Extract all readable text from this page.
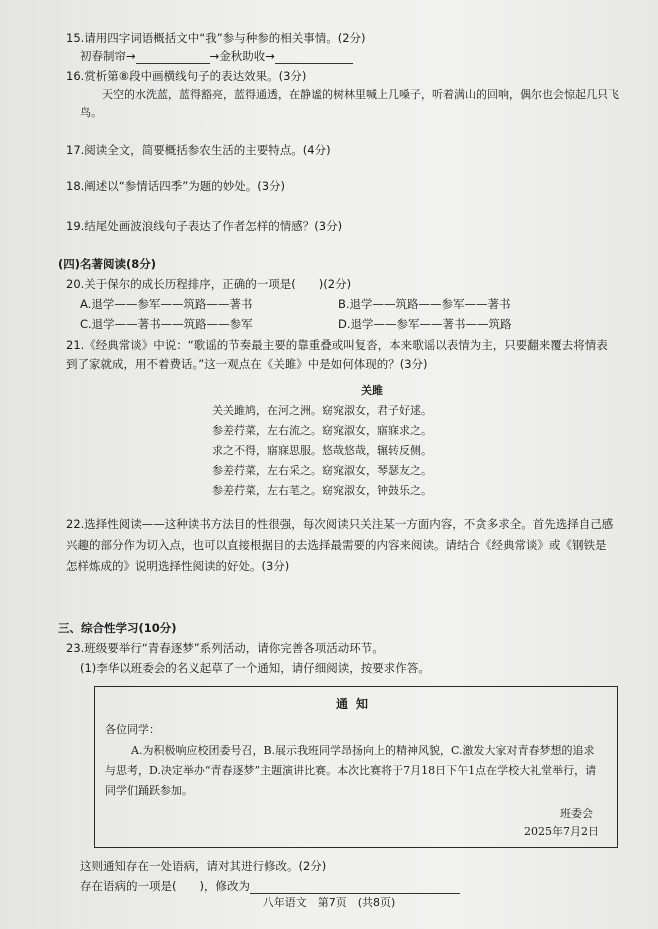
15.请用四字词语概括文中“我”参与种参的相关事情。(2分)
初春制帘→	→金秋助收→
16.赏析第⑧段中画横线句子的表达效果。(3分)
天空的水洗蓝，蓝得豁亮，蓝得通透，在静谧的树林里喊上几嗓子，听着满山的回响，偶尔也会惊起几只飞鸟。
17.阅读全文，简要概括参农生活的主要特点。(4分)
18.阐述以“参情话四季”为题的妙处。(3分)
19.结尾处画波浪线句子表达了作者怎样的情感？(3分)
(四)名著阅读(8分)
20.关于保尔的成长历程排序，正确的一项是(　　)(2分)
A.退学——参军——筑路——著书	B.退学——筑路——参军——著书
C.退学——著书——筑路——参军	D.退学——参军——著书——筑路
21.《经典常谈》中说：“歌谣的节奏最主要的靠重叠或叫复沓，本来歌谣以表情为主，只要翻来覆去将情表到了家就成，用不着费话。”这一观点在《关雎》中是如何体现的？(3分)
关雎
关关雎鸠，在河之洲。窈窕淑女，君子好逑。
参差荇菜，左右流之。窈窕淑女，寤寐求之。
求之不得，寤寐思服。悠哉悠哉，辗转反侧。
参差荇菜，左右采之。窈窕淑女，琴瑟友之。
参差荇菜，左右芼之。窈窕淑女，钟鼓乐之。
22.选择性阅读——这种读书方法目的性很强，每次阅读只关注某一方面内容，不贪多求全。首先选择自己感兴趣的部分作为切入点，也可以直接根据目的去选择最需要的内容来阅读。请结合《经典常谈》或《钢铁是怎样炼成的》说明选择性阅读的好处。(3分)
三、综合性学习(10分)
23.班级要举行“青春逐梦”系列活动，请你完善各项活动环节。
(1)李华以班委会的名义起草了一个通知，请仔细阅读，按要求作答。
通知
各位同学：
A.为积极响应校团委号召，B.展示我班同学昂扬向上的精神风貌，C.激发大家对青春梦想的追求与思考，D.决定举办“青春逐梦”主题演讲比赛。本次比赛将于7月18日下午1点在学校大礼堂举行，请同学们踊跃参加。
班委会
2025年7月2日
这则通知存在一处语病，请对其进行修改。(2分)
存在语病的一项是(　　)，修改为
八年语文　第7页　(共8页)
